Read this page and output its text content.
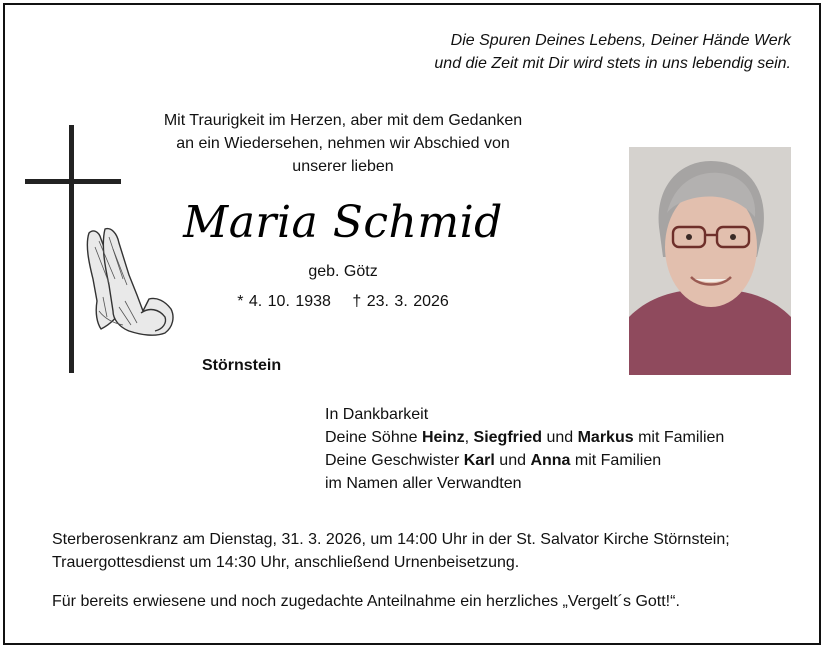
Die Spuren Deines Lebens, Deiner Hände Werk
und die Zeit mit Dir wird stets in uns lebendig sein.
Mit Traurigkeit im Herzen, aber mit dem Gedanken
an ein Wiedersehen, nehmen wir Abschied von
unserer lieben
Maria Schmid
geb. Götz
* 4. 10. 1938 † 23. 3. 2026
Störnstein
In Dankbarkeit
Deine Söhne Heinz, Siegfried und Markus mit Familien
Deine Geschwister Karl und Anna mit Familien
im Namen aller Verwandten

Sterberosenkranz am Dienstag, 31. 3. 2026, um 14:00 Uhr in der St. Salvator Kirche Störnstein; Trauergottesdienst um 14:30 Uhr, anschließend Urnenbeisetzung.

Für bereits erwiesene und noch zugedachte Anteilnahme ein herzliches „Vergelt´s Gott!“.
